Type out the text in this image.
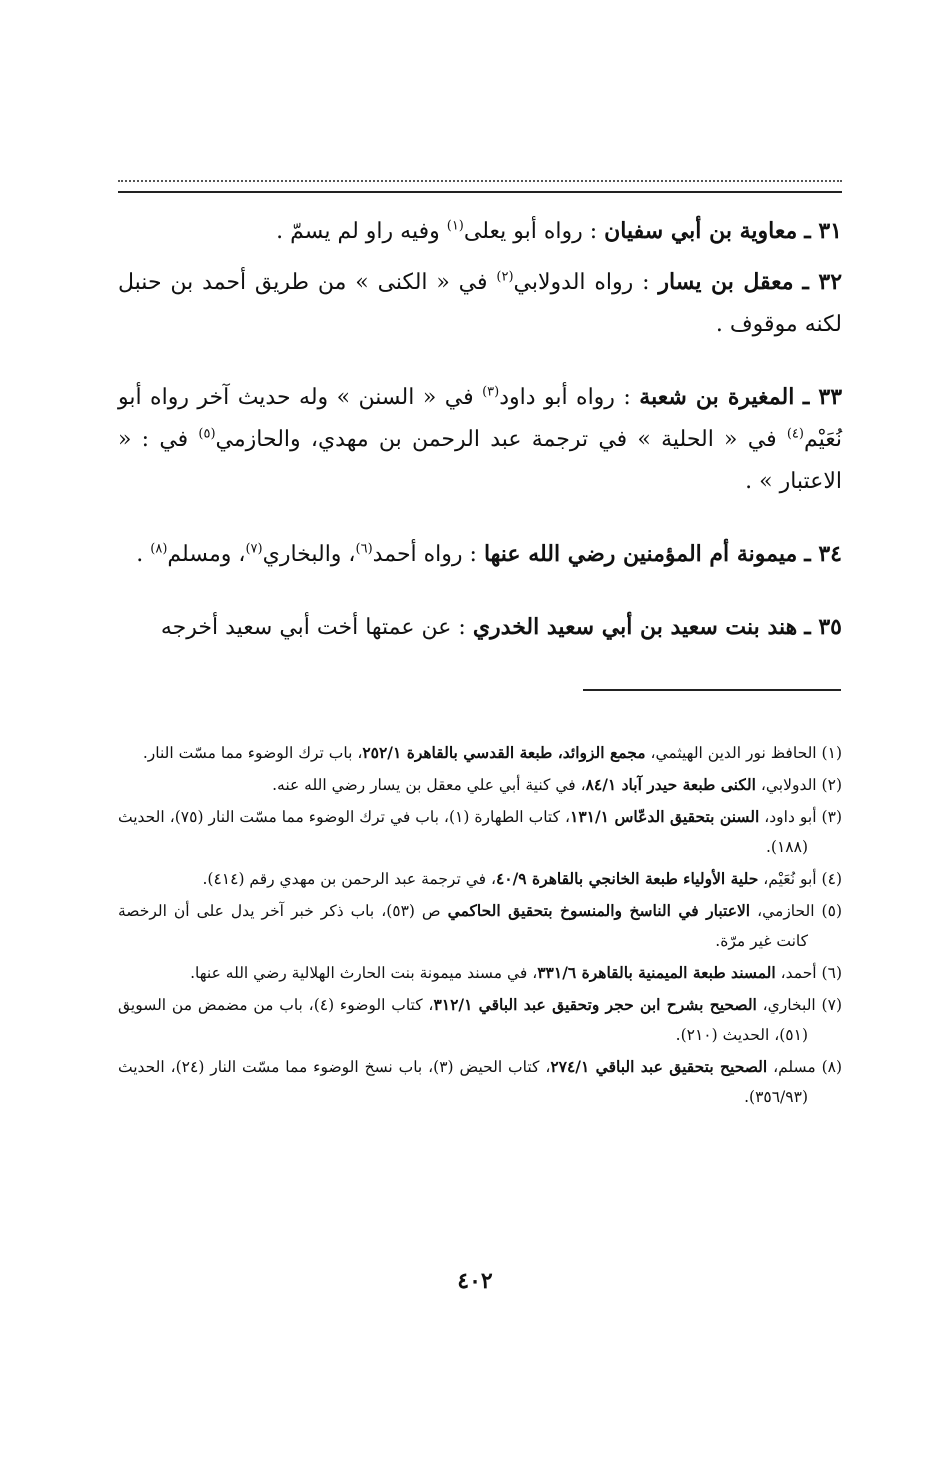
٣١ ـ معاوية بن أبي سفيان : رواه أبو يعلى$^{(١)}$ وفيه راو لم يسمّ .

٣٢ ـ معقل بن يسار : رواه الدولابي$^{(٢)}$ في « الكنى » من طريق أحمد بن حنبل لكنه موقوف .

٣٣ ـ المغيرة بن شعبة : رواه أبو داود$^{(٣)}$ في « السنن » وله حديث آخر رواه أبو نُعَيْم$^{(٤)}$ في « الحلية » في ترجمة عبد الرحمن بن مهدي، والحازمي$^{(٥)}$ في : « الاعتبار » .

٣٤ ـ ميمونة أم المؤمنين رضي الله عنها : رواه أحمد$^{(٦)}$، والبخاري$^{(٧)}$، ومسلم$^{(٨)}$ .

٣٥ ـ هند بنت سعيد بن أبي سعيد الخدري : عن عمتها أخت أبي سعيد أخرجه

(١) الحافظ نور الدين الهيثمي، مجمع الزوائد، طبعة القدسي بالقاهرة ٢٥٢/١، باب ترك الوضوء مما مسّت النار.

(٢) الدولابي، الكنى طبعة حيدر آباد ٨٤/١، في كنية أبي علي معقل بن يسار رضي الله عنه.

(٣) أبو داود، السنن بتحقيق الدعّاس ١٣١/١، كتاب الطهارة (١)، باب في ترك الوضوء مما مسّت النار (٧٥)، الحديث (١٨٨).

(٤) أبو نُعَيْم، حلية الأولياء طبعة الخانجي بالقاهرة ٤٠/٩، في ترجمة عبد الرحمن بن مهدي رقم (٤١٤).

(٥) الحازمي، الاعتبار في الناسخ والمنسوخ بتحقيق الحاكمي ص (٥٣)، باب ذكر خبر آخر يدل على أن الرخصة كانت غير مرّة.

(٦) أحمد، المسند طبعة الميمنية بالقاهرة ٣٣١/٦، في مسند ميمونة بنت الحارث الهلالية رضي الله عنها.

(٧) البخاري، الصحيح بشرح ابن حجر وتحقيق عبد الباقي ٣١٢/١، كتاب الوضوء (٤)، باب من مضمض من السويق (٥١)، الحديث (٢١٠).

(٨) مسلم، الصحيح بتحقيق عبد الباقي ٢٧٤/١، كتاب الحيض (٣)، باب نسخ الوضوء مما مسّت النار (٢٤)، الحديث (٣٥٦/٩٣).

٤٠٢
